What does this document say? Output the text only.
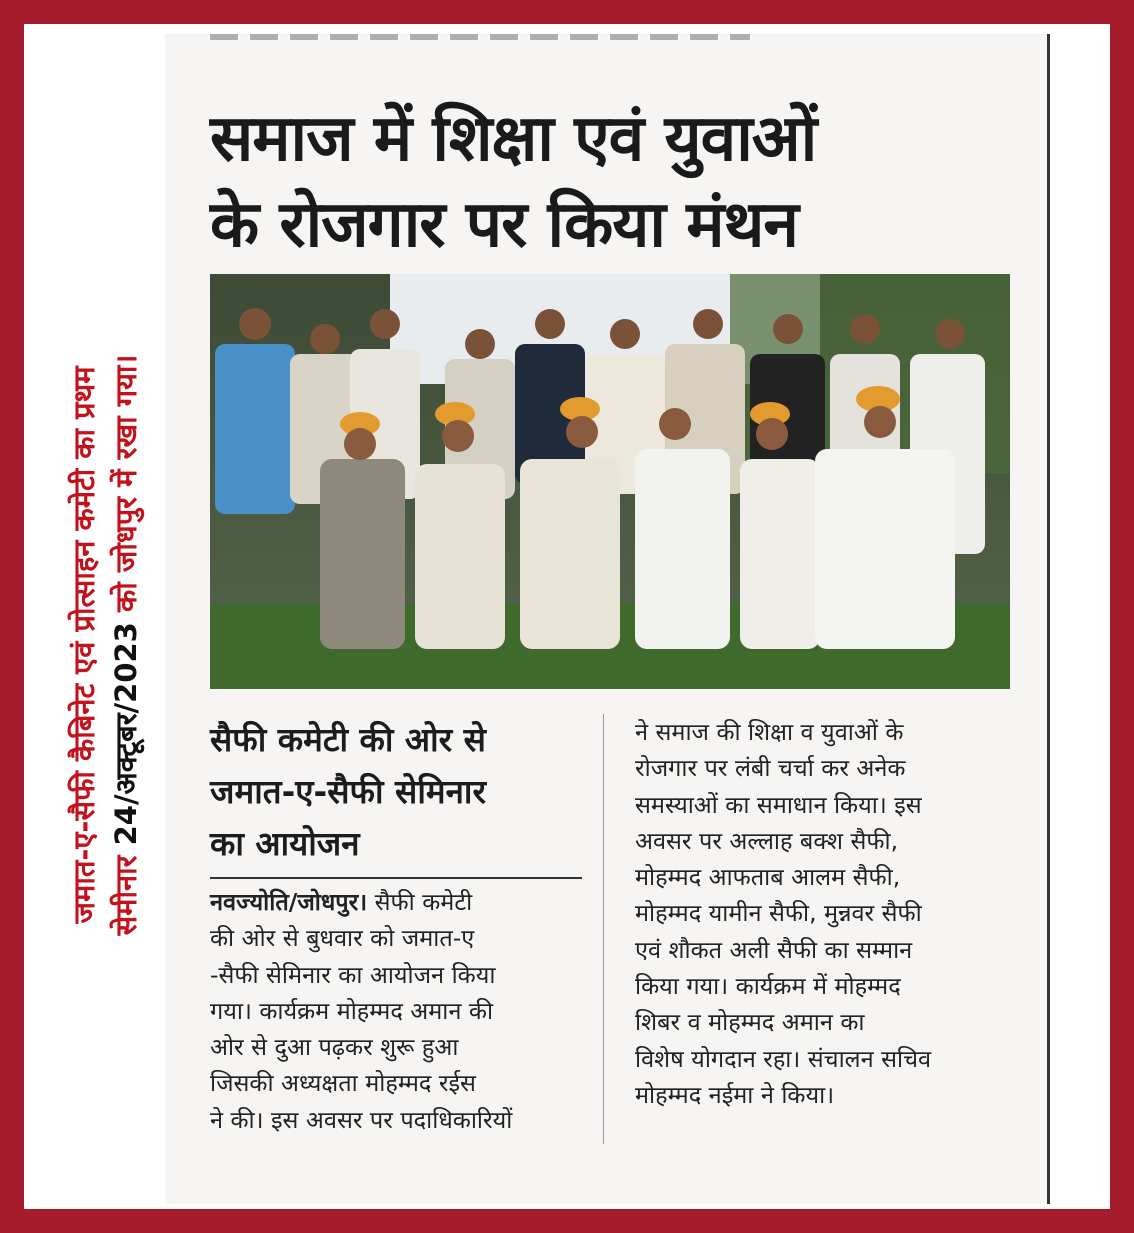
जमात-ए-सैफी कैबिनेट एवं प्रोत्साहन कमेटी का प्रथम सेमीनार 24/अक्टूबर/2023 को जोधपुर में रखा गया।
समाज में शिक्षा एवं युवाओं
के रोजगार पर किया मंथन
सैफी कमेटी की ओर से
जमात-ए-सैफी सेमिनार
का आयोजन
नवज्योति/जोधपुर। सैफी कमेटी
की ओर से बुधवार को जमात-ए
-सैफी सेमिनार का आयोजन किया
गया। कार्यक्रम मोहम्मद अमान की
ओर से दुआ पढ़कर शुरू हुआ
जिसकी अध्यक्षता मोहम्मद रईस
ने की। इस अवसर पर पदाधिकारियों
ने समाज की शिक्षा व युवाओं के
रोजगार पर लंबी चर्चा कर अनेक
समस्याओं का समाधान किया। इस
अवसर पर अल्लाह बक्श सैफी,
मोहम्मद आफताब आलम सैफी,
मोहम्मद यामीन सैफी, मुन्नवर सैफी
एवं शौकत अली सैफी का सम्मान
किया गया। कार्यक्रम में मोहम्मद
शिबर व मोहम्मद अमान का
विशेष योगदान रहा। संचालन सचिव
मोहम्मद नईमा ने किया।
